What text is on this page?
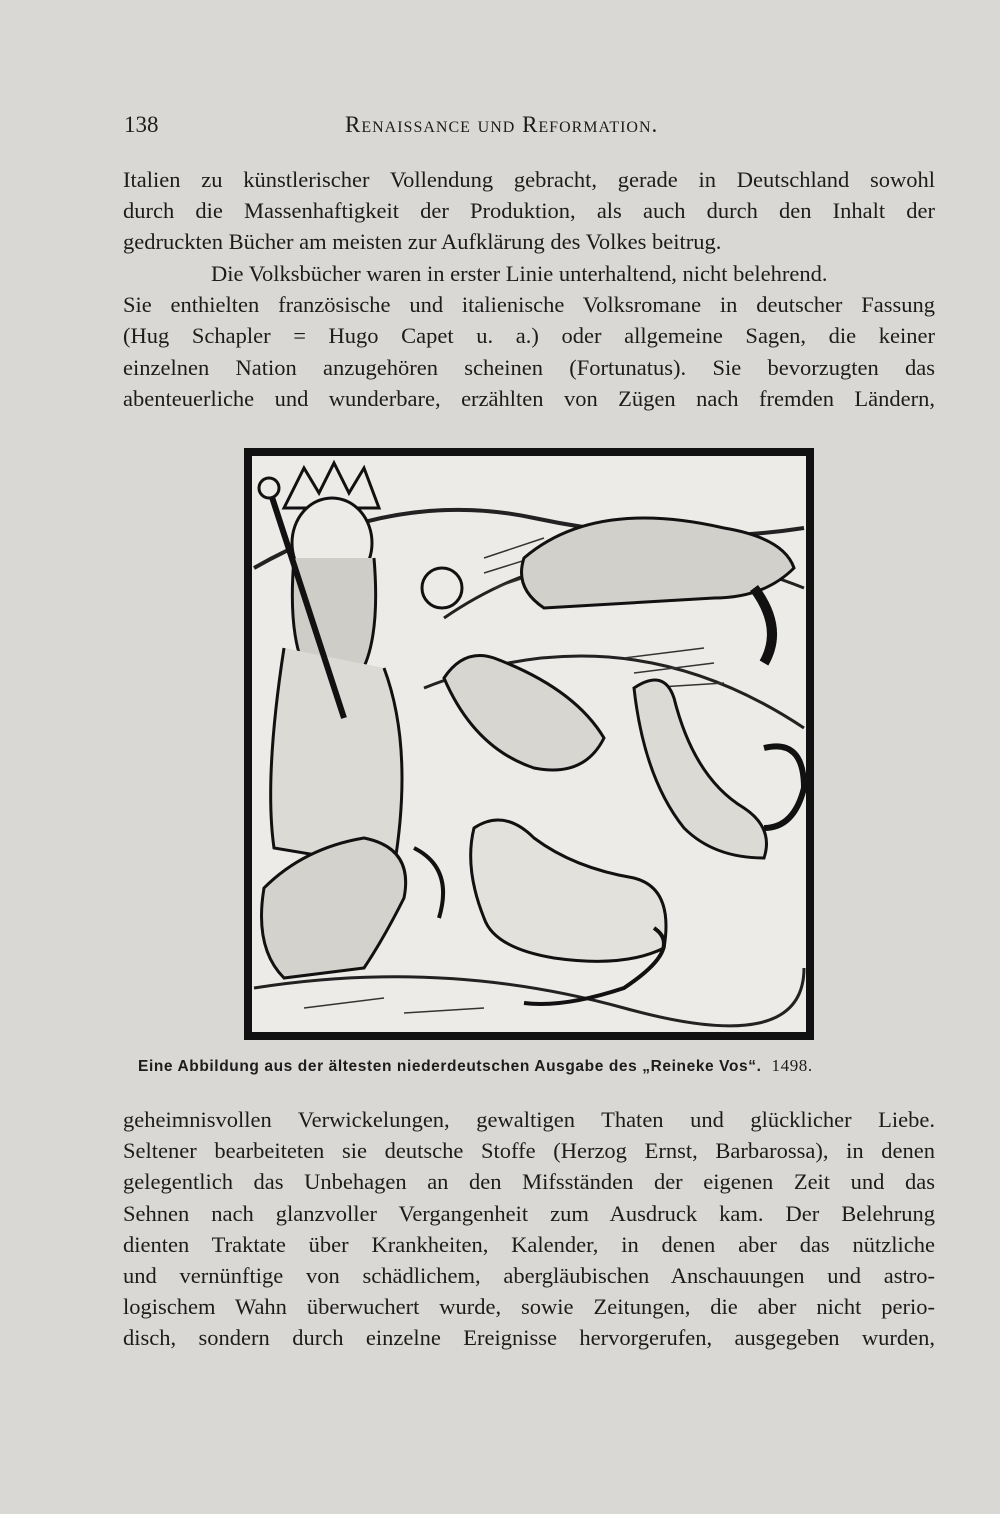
138	Renaissance und Reformation.

Italien zu künstlerischer Vollendung gebracht, gerade in Deutschland sowohl
durch die Massenhaftigkeit der Produktion, als auch durch den Inhalt der
gedruckten Bücher am meisten zur Aufklärung des Volkes beitrug.

Die Volksbücher waren in erster Linie unterhaltend, nicht belehrend.
Sie enthielten französische und italienische Volksromane in deutscher Fassung
(Hug Schapler = Hugo Capet u. a.) oder allgemeine Sagen, die keiner
einzelnen Nation anzugehören scheinen (Fortunatus). Sie bevorzugten das
abenteuerliche und wunderbare, erzählten von Zügen nach fremden Ländern,

Eine Abbildung aus der ältesten niederdeutschen Ausgabe des „Reineke Vos“. 1498.

geheimnisvollen Verwickelungen, gewaltigen Thaten und glücklicher Liebe.
Seltener bearbeiteten sie deutsche Stoffe (Herzog Ernst, Barbarossa), in denen
gelegentlich das Unbehagen an den Mifsständen der eigenen Zeit und das
Sehnen nach glanzvoller Vergangenheit zum Ausdruck kam. Der Belehrung
dienten Traktate über Krankheiten, Kalender, in denen aber das nützliche
und vernünftige von schädlichem, abergläubischen Anschauungen und astro-
logischem Wahn überwuchert wurde, sowie Zeitungen, die aber nicht perio-
disch, sondern durch einzelne Ereignisse hervorgerufen, ausgegeben wurden,
